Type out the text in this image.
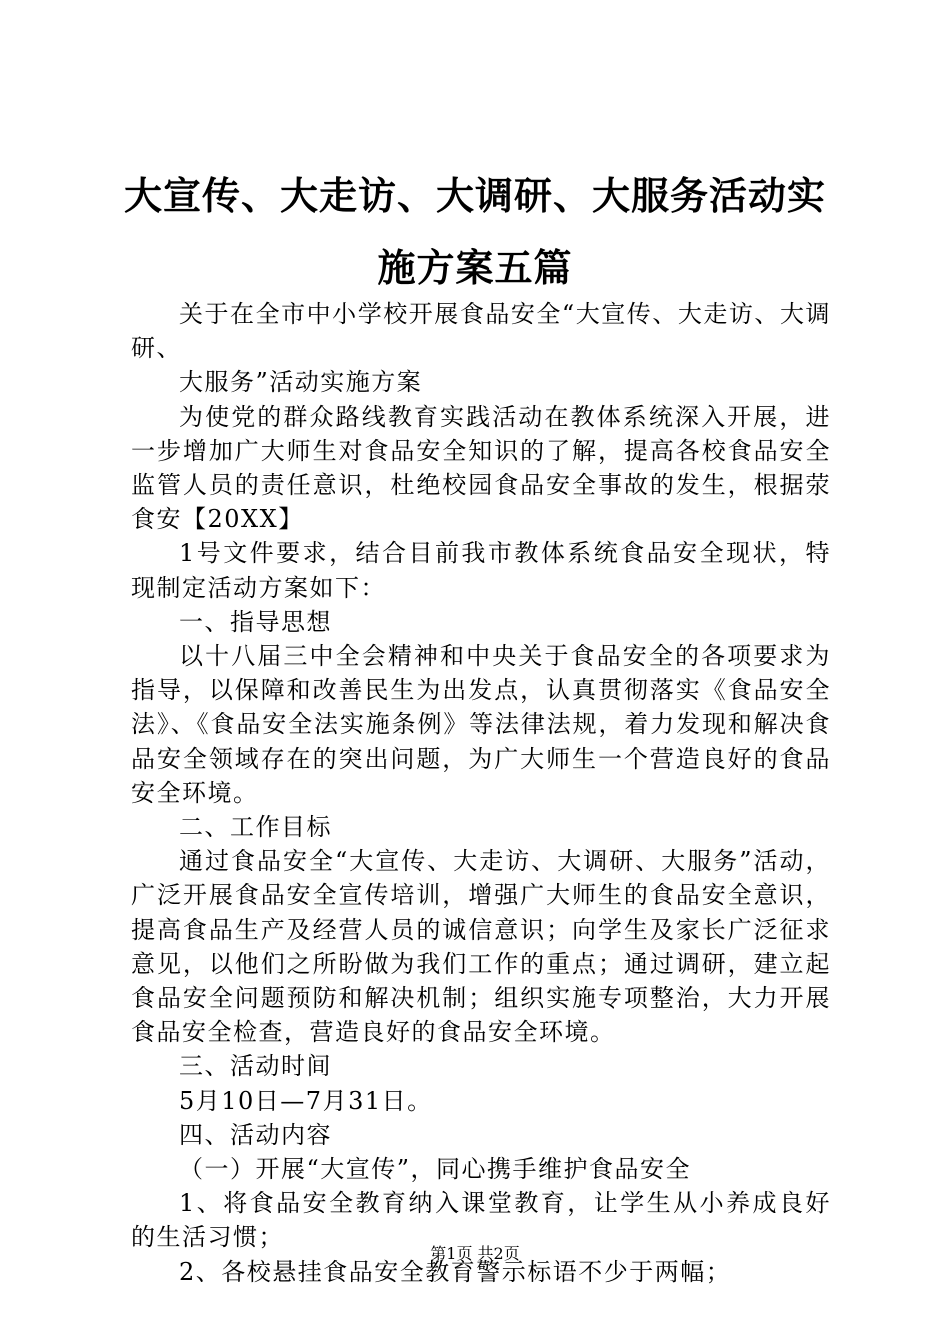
大宣传、大走访、大调研、大服务活动实施方案五篇

关于在全市中小学校开展食品安全“大宣传、大走访、大调研、

大服务”活动实施方案

为使党的群众路线教育实践活动在教体系统深入开展，进一步增加广大师生对食品安全知识的了解，提高各校食品安全监管人员的责任意识，杜绝校园食品安全事故的发生，根据荥食安【20XX】

1号文件要求，结合目前我市教体系统食品安全现状，特现制定活动方案如下：

一、指导思想

以十八届三中全会精神和中央关于食品安全的各项要求为指导，以保障和改善民生为出发点，认真贯彻落实《食品安全法》、《食品安全法实施条例》等法律法规，着力发现和解决食品安全领域存在的突出问题，为广大师生一个营造良好的食品安全环境。

二、工作目标

通过食品安全“大宣传、大走访、大调研、大服务”活动，广泛开展食品安全宣传培训，增强广大师生的食品安全意识，提高食品生产及经营人员的诚信意识；向学生及家长广泛征求意见，以他们之所盼做为我们工作的重点；通过调研，建立起食品安全问题预防和解决机制；组织实施专项整治，大力开展食品安全检查，营造良好的食品安全环境。

三、活动时间

5月10日—7月31日。

四、活动内容

（一）开展“大宣传”，同心携手维护食品安全

1、将食品安全教育纳入课堂教育，让学生从小养成良好的生活习惯；

2、各校悬挂食品安全教育警示标语不少于两幅；

第1页 共2页
